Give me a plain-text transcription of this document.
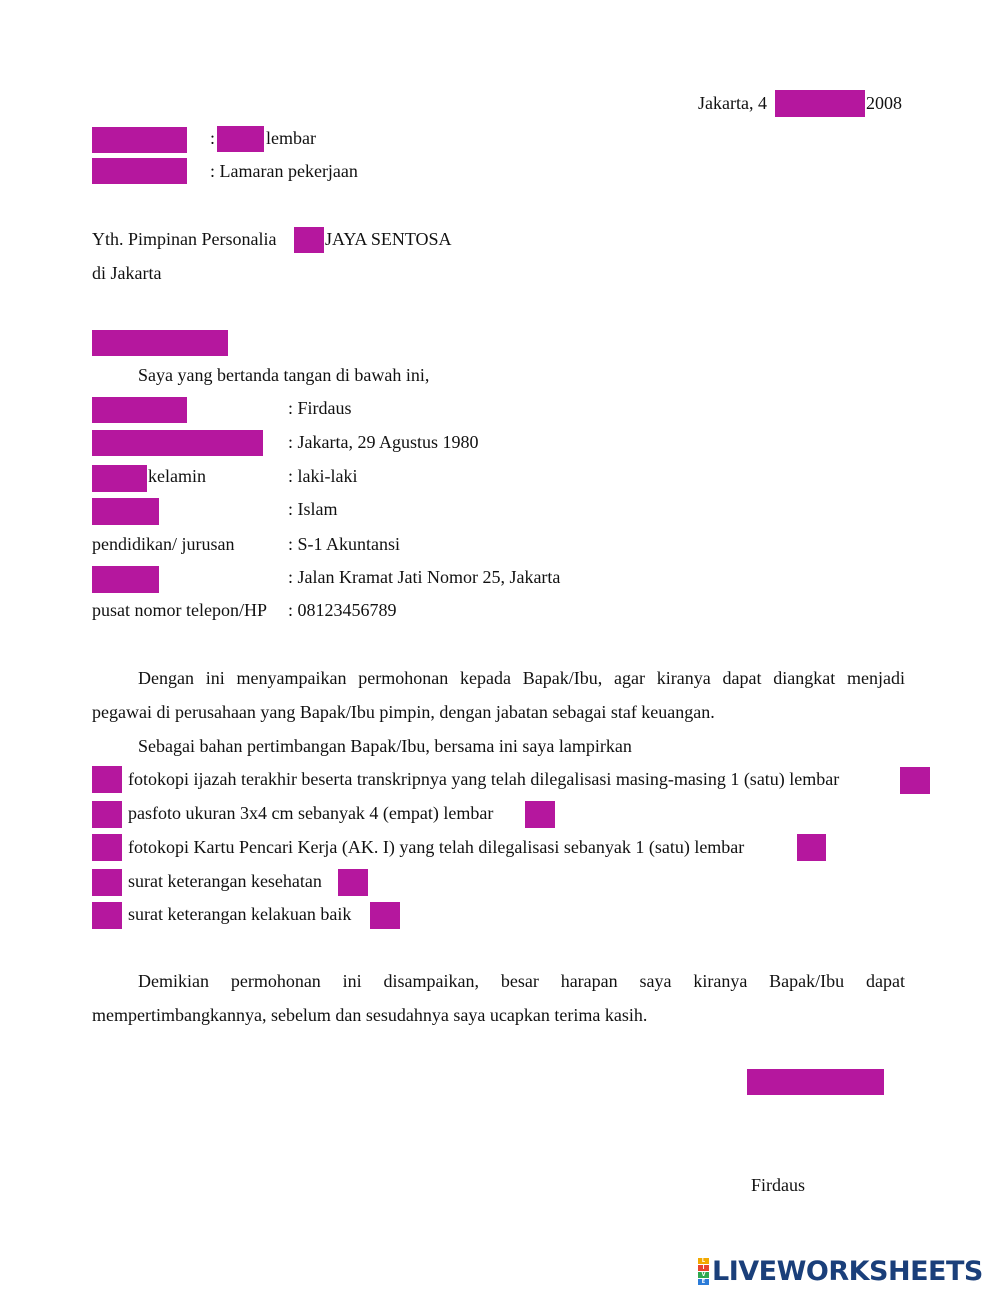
Jakarta, 4	2008
:	lembar
: Lamaran pekerjaan
Yth. Pimpinan Personalia	JAYA SENTOSA
di Jakarta
Saya yang bertanda tangan di bawah ini,
: Firdaus
: Jakarta, 29 Agustus 1980
kelamin	: laki-laki
: Islam
pendidikan/ jurusan	: S-1 Akuntansi
: Jalan Kramat Jati Nomor 25, Jakarta
pusat nomor telepon/HP : 08123456789
Dengan ini menyampaikan permohonan kepada Bapak/Ibu, agar kiranya dapat diangkat menjadi
pegawai di perusahaan yang Bapak/Ibu pimpin, dengan jabatan sebagai staf keuangan.
Sebagai bahan pertimbangan Bapak/Ibu, bersama ini saya lampirkan
fotokopi ijazah terakhir beserta transkripnya yang telah dilegalisasi masing-masing 1 (satu) lembar
pasfoto ukuran 3x4 cm sebanyak 4 (empat) lembar
fotokopi Kartu Pencari Kerja (AK. I) yang telah dilegalisasi sebanyak 1 (satu) lembar
surat keterangan kesehatan
surat keterangan kelakuan baik
Demikian permohonan ini disampaikan, besar harapan saya kiranya Bapak/Ibu dapat
mempertimbangkannya, sebelum dan sesudahnya saya ucapkan terima kasih.
Firdaus
L
I
V
E LIVEWORKSHEETS
